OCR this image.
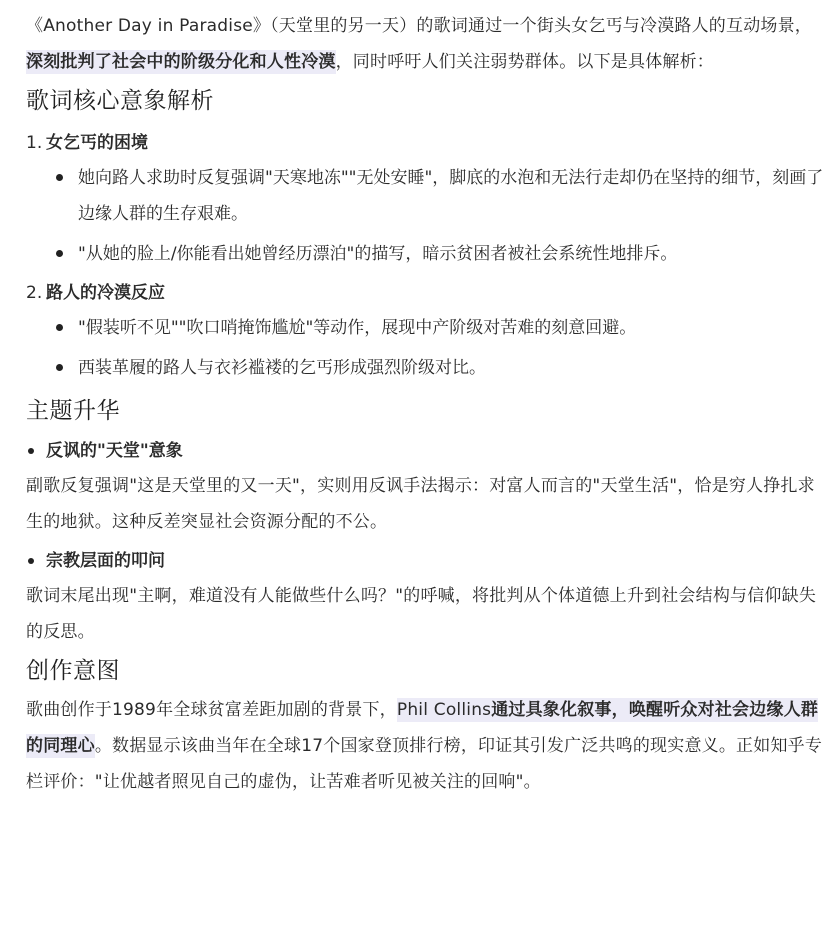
《Another Day in Paradise》（天堂里的另一天）的歌词通过一个街头女乞丐与冷漠路人的互动场景，深刻批判了社会中的阶级分化和人性冷漠，同时呼吁人们关注弱势群体。以下是具体解析：

歌词核心意象解析
1. 女乞丐的困境
她向路人求助时反复强调"天寒地冻""无处安睡"，脚底的水泡和无法行走却仍在坚持的细节，刻画了边缘人群的生存艰难。
"从她的脸上/你能看出她曾经历漂泊"的描写，暗示贫困者被社会系统性地排斥。
2. 路人的冷漠反应
"假装听不见""吹口哨掩饰尴尬"等动作，展现中产阶级对苦难的刻意回避。
西装革履的路人与衣衫褴褛的乞丐形成强烈阶级对比。
主题升华
反讽的"天堂"意象

副歌反复强调"这是天堂里的又一天"，实则用反讽手法揭示：对富人而言的"天堂生活"，恰是穷人挣扎求生的地狱。这种反差突显社会资源分配的不公。

宗教层面的叩问

歌词末尾出现"主啊，难道没有人能做些什么吗？"的呼喊，将批判从个体道德上升到社会结构与信仰缺失的反思。

创作意图

歌曲创作于1989年全球贫富差距加剧的背景下，Phil Collins通过具象化叙事，唤醒听众对社会边缘人群的同理心。数据显示该曲当年在全球17个国家登顶排行榜，印证其引发广泛共鸣的现实意义。正如知乎专栏评价："让优越者照见自己的虚伪，让苦难者听见被关注的回响"。
